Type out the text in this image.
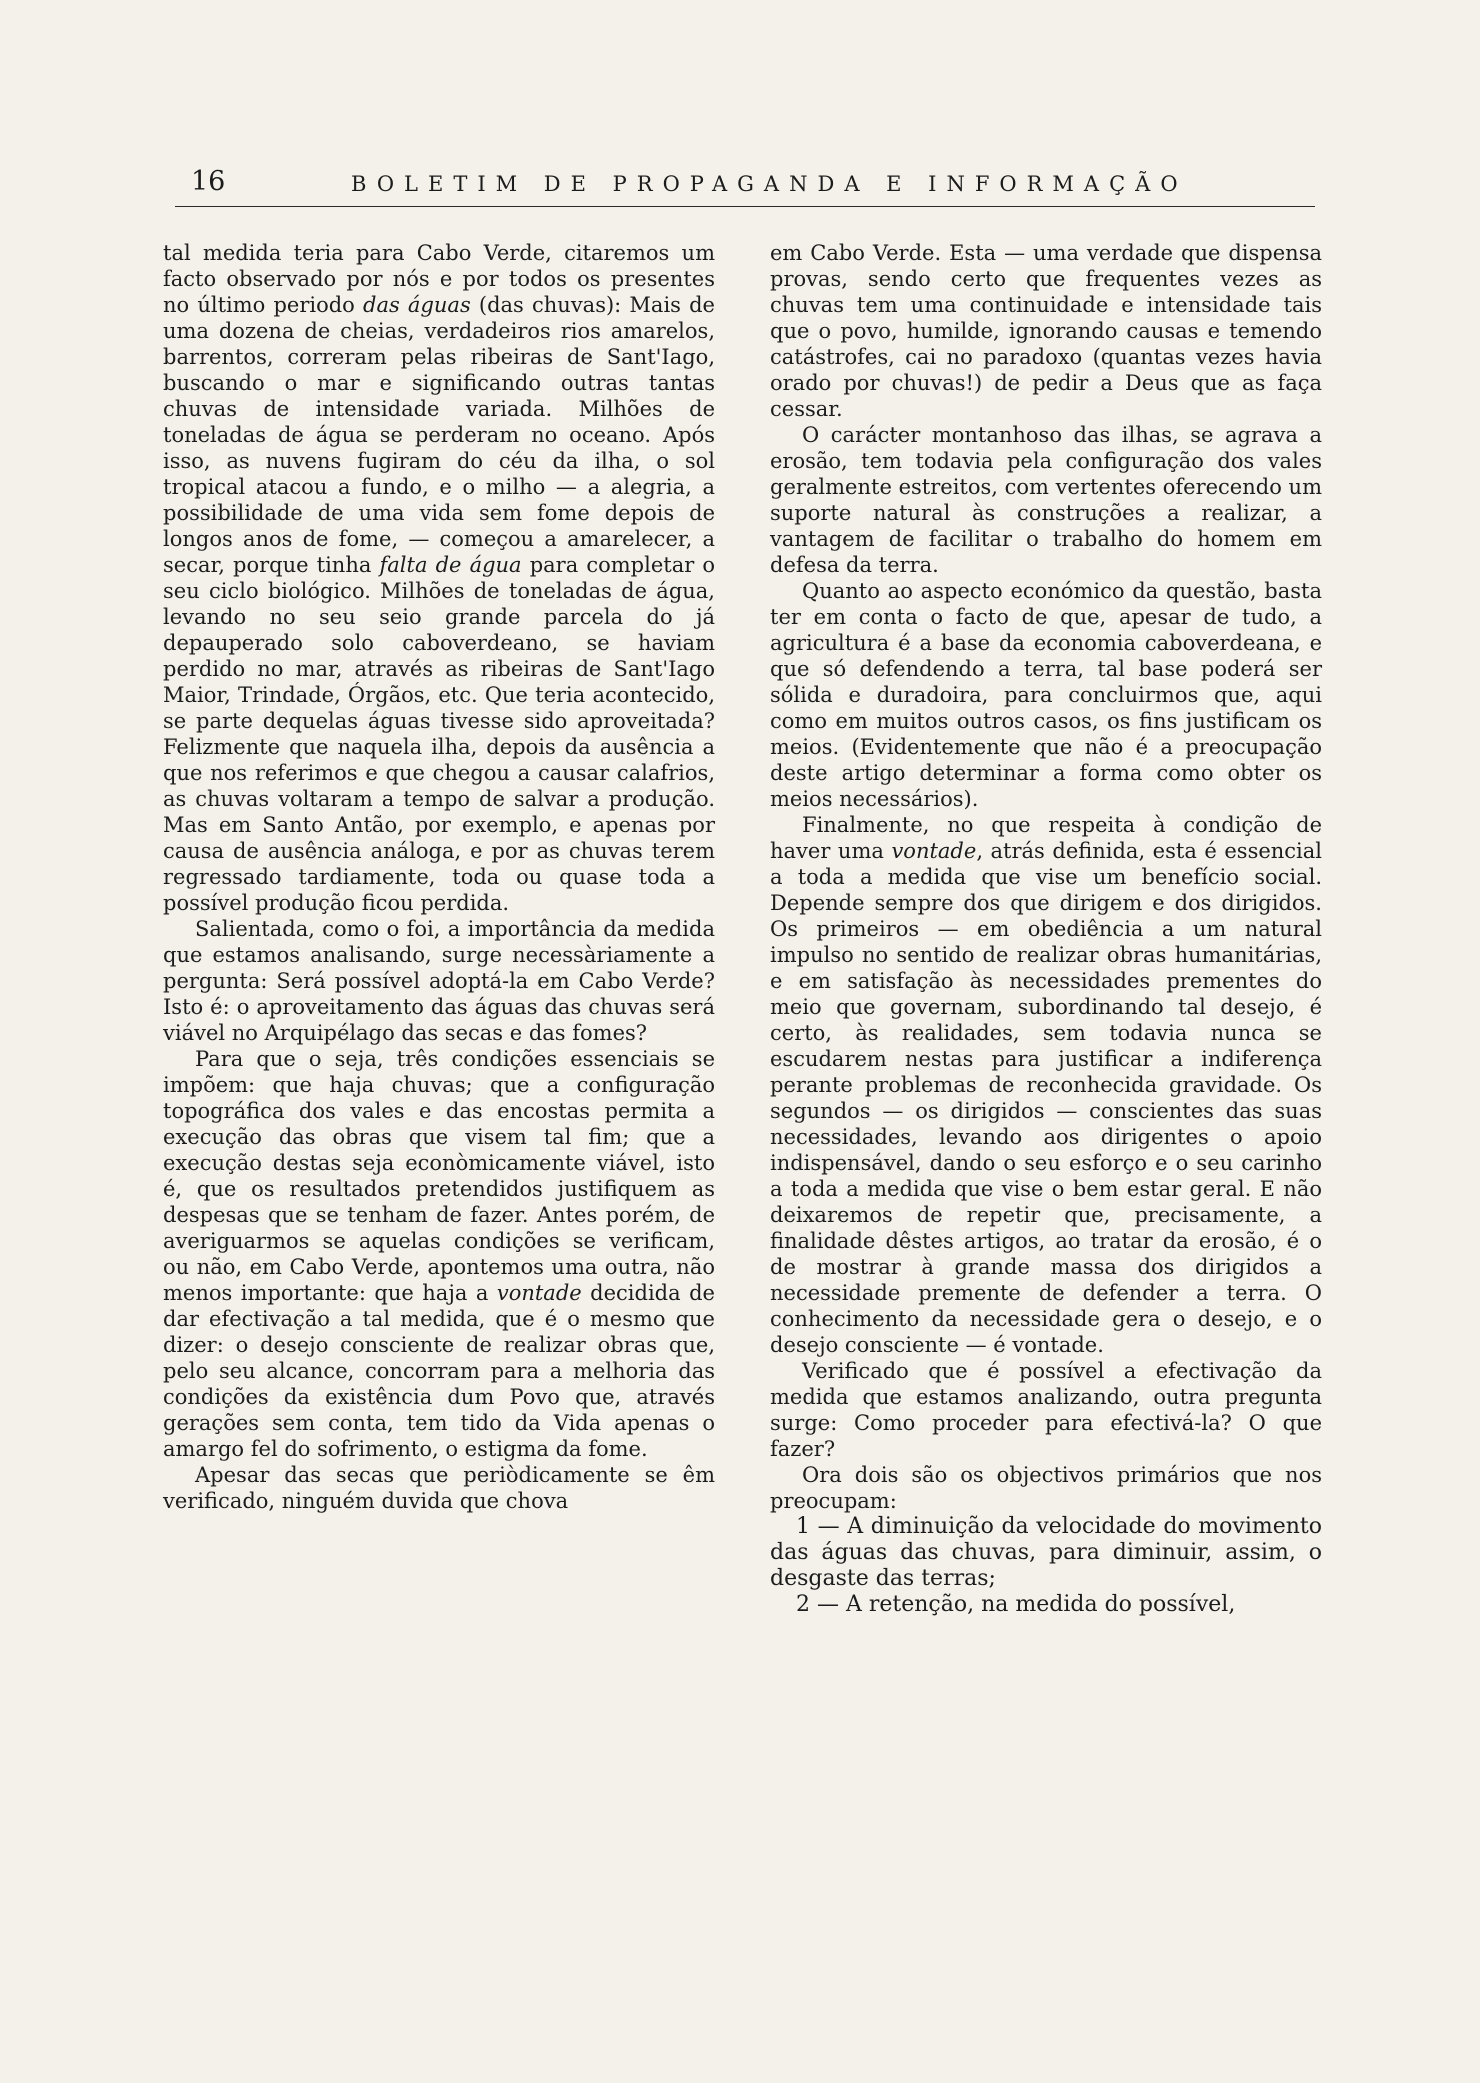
16	BOLETIM DE PROPAGANDA E INFORMAÇÃO

tal medida teria para Cabo Verde, citaremos um facto observado por nós e por todos os presentes no último periodo das águas (das chuvas): Mais de uma dozena de cheias, verdadeiros rios amarelos, barrentos, correram pelas ribeiras de Sant'Iago, buscando o mar e significando outras tantas chuvas de intensidade variada. Milhões de toneladas de água se perderam no oceano. Após isso, as nuvens fugiram do céu da ilha, o sol tropical atacou a fundo, e o milho — a alegria, a possibilidade de uma vida sem fome depois de longos anos de fome, — começou a amarelecer, a secar, porque tinha falta de água para completar o seu ciclo biológico. Milhões de toneladas de água, levando no seu seio grande parcela do já depauperado solo caboverdeano, se haviam perdido no mar, através as ribeiras de Sant'Iago Maior, Trindade, Órgãos, etc. Que teria acontecido, se parte dequelas águas tivesse sido aproveitada? Felizmente que naquela ilha, depois da ausência a que nos referimos e que chegou a causar calafrios, as chuvas voltaram a tempo de salvar a produção. Mas em Santo Antão, por exemplo, e apenas por causa de ausência análoga, e por as chuvas terem regressado tardiamente, toda ou quase toda a possível produção ficou perdida.

Salientada, como o foi, a importância da medida que estamos analisando, surge necessàriamente a pergunta: Será possível adoptá-la em Cabo Verde? Isto é: o aproveitamento das águas das chuvas será viável no Arquipélago das secas e das fomes?

Para que o seja, três condições essenciais se impõem: que haja chuvas; que a configuração topográfica dos vales e das encostas permita a execução das obras que visem tal fim; que a execução destas seja econòmicamente viável, isto é, que os resultados pretendidos justifiquem as despesas que se tenham de fazer. Antes porém, de averiguarmos se aquelas condições se verificam, ou não, em Cabo Verde, apontemos uma outra, não menos importante: que haja a vontade decidida de dar efectivação a tal medida, que é o mesmo que dizer: o desejo consciente de realizar obras que, pelo seu alcance, concorram para a melhoria das condições da existência dum Povo que, através gerações sem conta, tem tido da Vida apenas o amargo fel do sofrimento, o estigma da fome.

Apesar das secas que periòdicamente se êm verificado, ninguém duvida que chova

em Cabo Verde. Esta — uma verdade que dispensa provas, sendo certo que frequentes vezes as chuvas tem uma continuidade e intensidade tais que o povo, humilde, ignorando causas e temendo catástrofes, cai no paradoxo (quantas vezes havia orado por chuvas!) de pedir a Deus que as faça cessar.

O carácter montanhoso das ilhas, se agrava a erosão, tem todavia pela configuração dos vales geralmente estreitos, com vertentes oferecendo um suporte natural às construções a realizar, a vantagem de facilitar o trabalho do homem em defesa da terra.

Quanto ao aspecto económico da questão, basta ter em conta o facto de que, apesar de tudo, a agricultura é a base da economia caboverdeana, e que só defendendo a terra, tal base poderá ser sólida e duradoira, para concluirmos que, aqui como em muitos outros casos, os fins justificam os meios. (Evidentemente que não é a preocupação deste artigo determinar a forma como obter os meios necessários).

Finalmente, no que respeita à condição de haver uma vontade, atrás definida, esta é essencial a toda a medida que vise um benefício social. Depende sempre dos que dirigem e dos dirigidos. Os primeiros — em obediência a um natural impulso no sentido de realizar obras humanitárias, e em satisfação às necessidades prementes do meio que governam, subordinando tal desejo, é certo, às realidades, sem todavia nunca se escudarem nestas para justificar a indiferença perante problemas de reconhecida gravidade. Os segundos — os dirigidos — conscientes das suas necessidades, levando aos dirigentes o apoio indispensável, dando o seu esforço e o seu carinho a toda a medida que vise o bem estar geral. E não deixaremos de repetir que, precisamente, a finalidade dêstes artigos, ao tratar da erosão, é o de mostrar à grande massa dos dirigidos a necessidade premente de defender a terra. O conhecimento da necessidade gera o desejo, e o desejo consciente — é vontade.

Verificado que é possível a efectivação da medida que estamos analizando, outra pregunta surge: Como proceder para efectivá-la? O que fazer?

Ora dois são os objectivos primários que nos preocupam:

1 — A diminuição da velocidade do movimento das águas das chuvas, para diminuir, assim, o desgaste das terras;

2 — A retenção, na medida do possível,
